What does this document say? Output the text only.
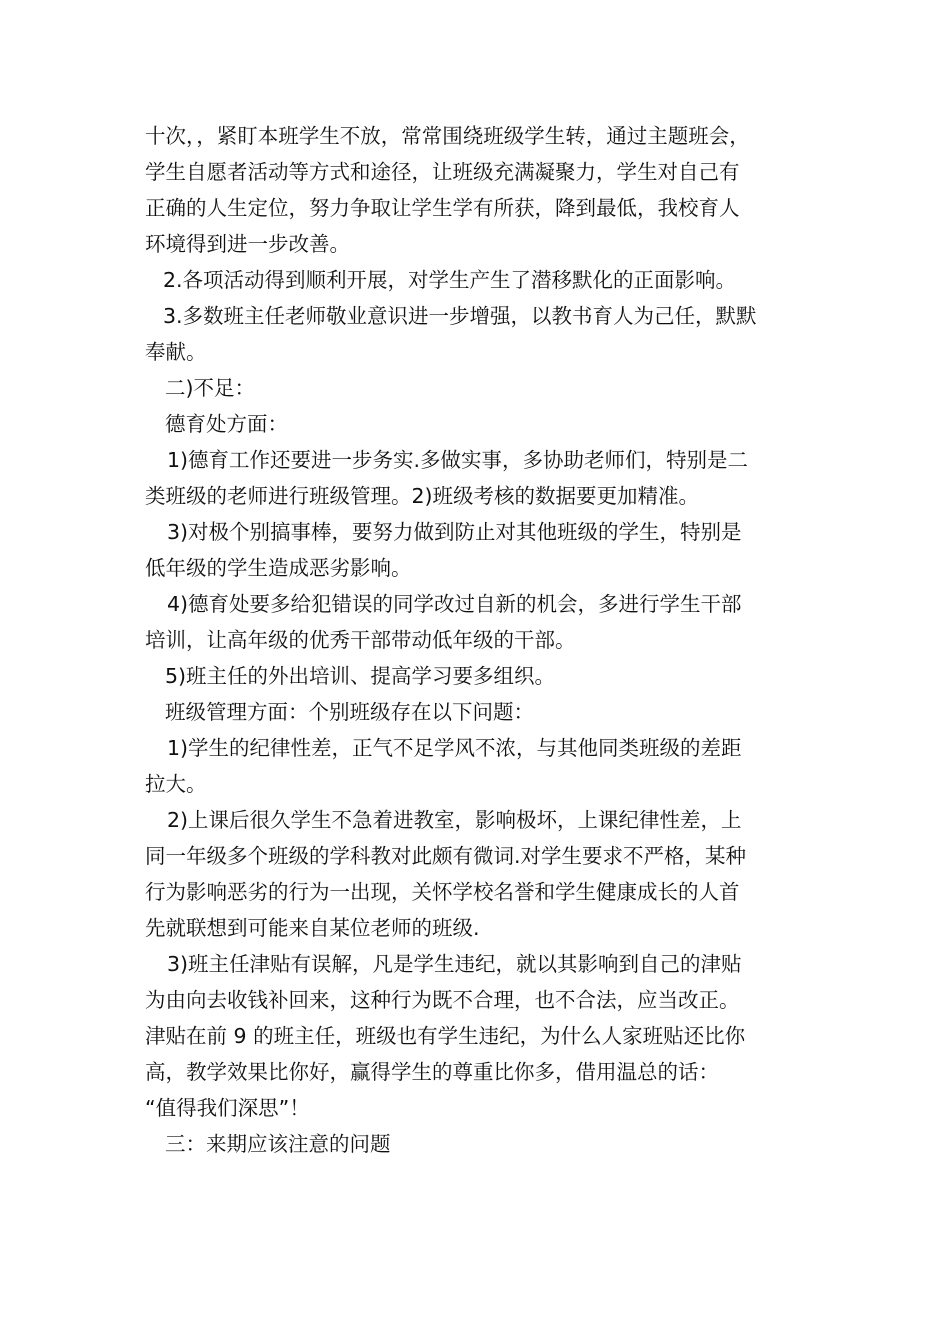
十次，，紧盯本班学生不放，常常围绕班级学生转，通过主题班会，
学生自愿者活动等方式和途径，让班级充满凝聚力，学生对自己有
正确的人生定位，努力争取让学生学有所获，降到最低，我校育人
环境得到进一步改善。
2.各项活动得到顺利开展，对学生产生了潜移默化的正面影响。
3.多数班主任老师敬业意识进一步增强，以教书育人为己任，默默
奉献。
二)不足：
德育处方面：
1)德育工作还要进一步务实.多做实事，多协助老师们，特别是二
类班级的老师进行班级管理。2)班级考核的数据要更加精准。
3)对极个别搞事棒，要努力做到防止对其他班级的学生，特别是
低年级的学生造成恶劣影响。
4)德育处要多给犯错误的同学改过自新的机会，多进行学生干部
培训，让高年级的优秀干部带动低年级的干部。
5)班主任的外出培训、提高学习要多组织。
班级管理方面：个别班级存在以下问题：
1)学生的纪律性差，正气不足学风不浓，与其他同类班级的差距
拉大。
2)上课后很久学生不急着进教室，影响极坏，上课纪律性差，上
同一年级多个班级的学科教对此颇有微词.对学生要求不严格，某种
行为影响恶劣的行为一出现，关怀学校名誉和学生健康成长的人首
先就联想到可能来自某位老师的班级.
3)班主任津贴有误解，凡是学生违纪，就以其影响到自己的津贴
为由向去收钱补回来，这种行为既不合理，也不合法，应当改正。
津贴在前 9 的班主任，班级也有学生违纪，为什么人家班贴还比你
高，教学效果比你好，赢得学生的尊重比你多，借用温总的话：
“值得我们深思”！
三：来期应该注意的问题
